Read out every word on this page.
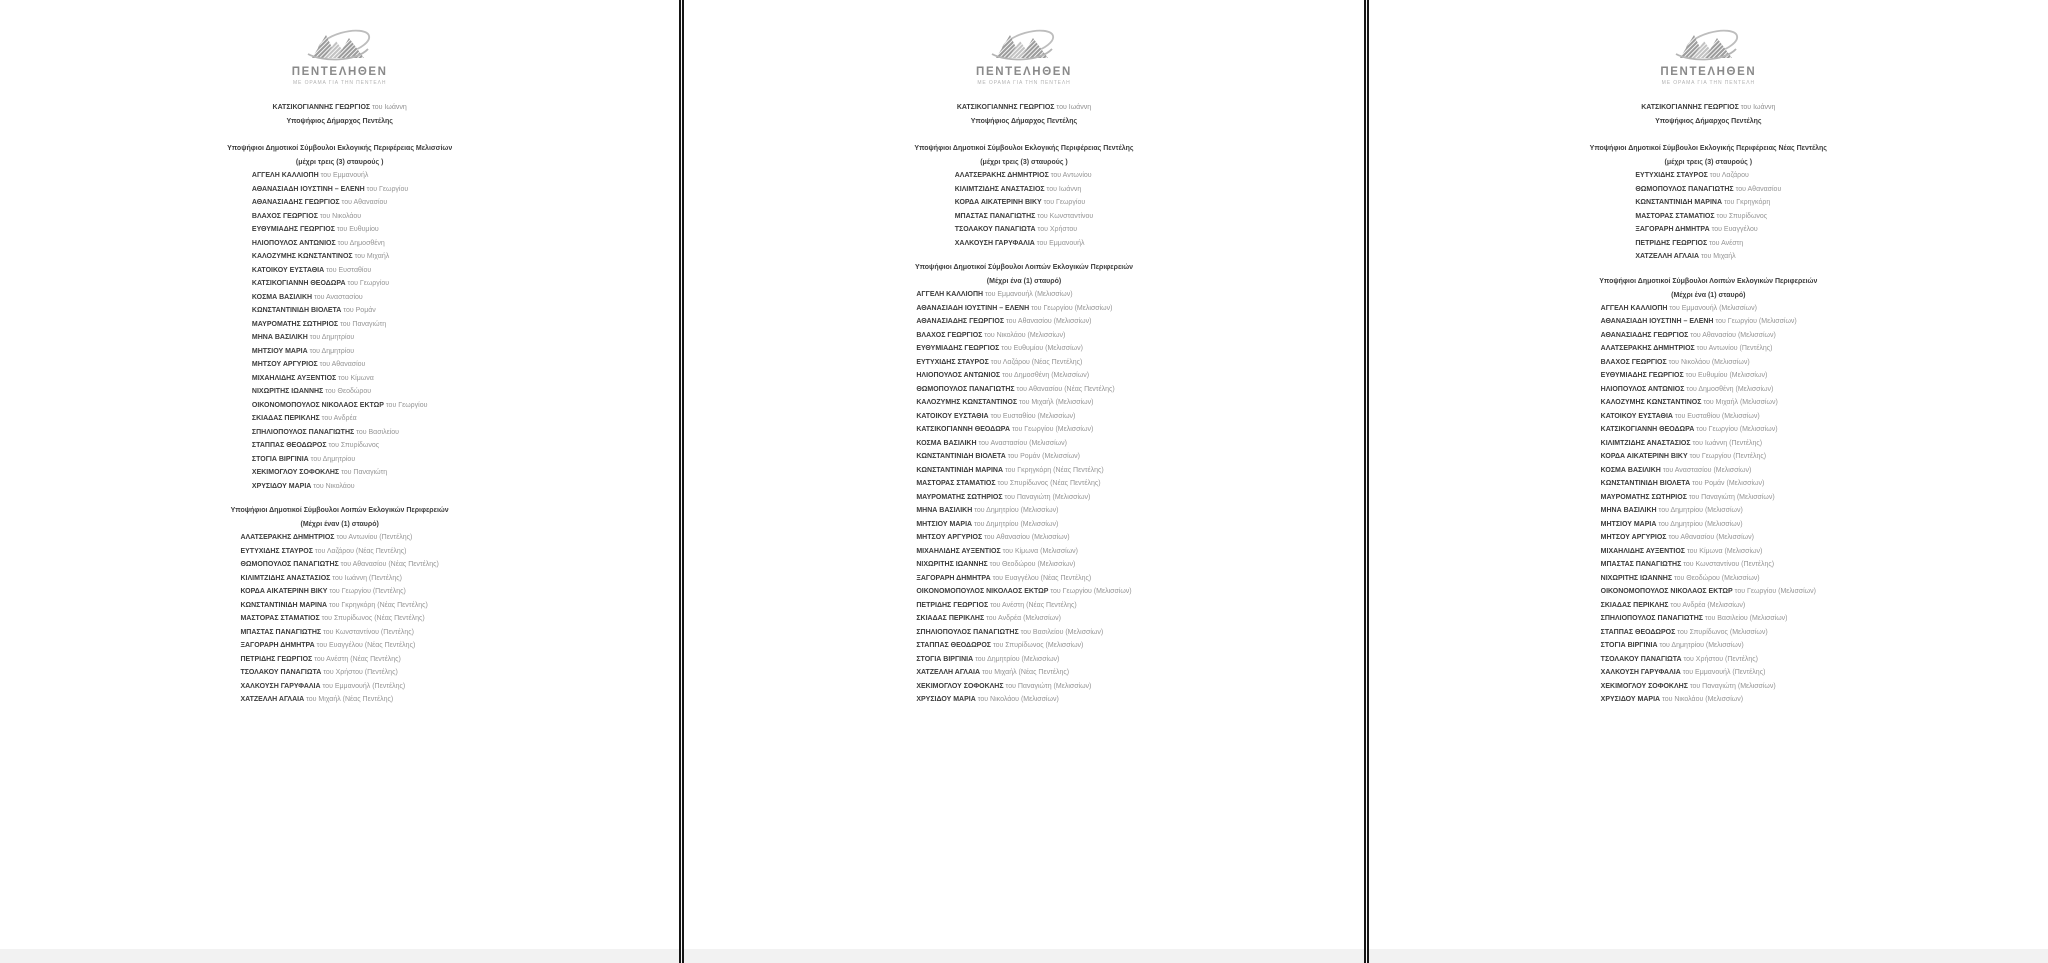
ΠΕΝΤΕΛΗΘΕΝ
ΜΕ ΟΡΑΜΑ ΓΙΑ ΤΗΝ ΠΕΝΤΕΛΗ
ΚΑΤΣΙΚΟΓΙΑΝΝΗΣ ΓΕΩΡΓΙΟΣ του Ιωάννη
Υποψήφιος Δήμαρχος Πεντέλης
Υποψήφιοι Δημοτικοί Σύμβουλοι Εκλογικής Περιφέρειας Μελισσίων
(μέχρι τρεις (3) σταυρούς )
ΑΓΓΕΛΗ ΚΑΛΛΙΟΠΗ του Εμμανουήλ
ΑΘΑΝΑΣΙΑΔΗ ΙΟΥΣΤΙΝΗ – ΕΛΕΝΗ του Γεωργίου
ΑΘΑΝΑΣΙΑΔΗΣ ΓΕΩΡΓΙΟΣ του Αθανασίου
ΒΛΑΧΟΣ ΓΕΩΡΓΙΟΣ του Νικολάου
ΕΥΘΥΜΙΑΔΗΣ ΓΕΩΡΓΙΟΣ του Ευθυμίου
ΗΛΙΟΠΟΥΛΟΣ ΑΝΤΩΝΙΟΣ του Δημοσθένη
ΚΑΛΟΖΥΜΗΣ ΚΩΝΣΤΑΝΤΙΝΟΣ του Μιχαήλ
ΚΑΤΟΙΚΟΥ ΕΥΣΤΑΘΙΑ του Ευσταθίου
ΚΑΤΣΙΚΟΓΙΑΝΝΗ ΘΕΟΔΩΡΑ του Γεωργίου
ΚΟΣΜΑ ΒΑΣΙΛΙΚΗ του Αναστασίου
ΚΩΝΣΤΑΝΤΙΝΙΔΗ ΒΙΟΛΕΤΑ του Ρομάν
ΜΑΥΡΟΜΑΤΗΣ ΣΩΤΗΡΙΟΣ του Παναγιώτη
ΜΗΝΑ ΒΑΣΙΛΙΚΗ του Δημητρίου
ΜΗΤΣΙΟΥ ΜΑΡΙΑ του Δημητρίου
ΜΗΤΣΟΥ ΑΡΓΥΡΙΟΣ του Αθανασίου
ΜΙΧΑΗΛΙΔΗΣ ΑΥΞΕΝΤΙΟΣ του Κίμωνα
ΝΙΧΩΡΙΤΗΣ ΙΩΑΝΝΗΣ του Θεοδώρου
ΟΙΚΟΝΟΜΟΠΟΥΛΟΣ ΝΙΚΟΛΑΟΣ ΕΚΤΩΡ του Γεωργίου
ΣΚΙΑΔΑΣ ΠΕΡΙΚΛΗΣ του Ανδρέα
ΣΠΗΛΙΟΠΟΥΛΟΣ ΠΑΝΑΓΙΩΤΗΣ του Βασιλείου
ΣΤΑΠΠΑΣ ΘΕΟΔΩΡΟΣ του Σπυρίδωνος
ΣΤΟΓΙΑ ΒΙΡΓΙΝΙΑ του Δημητρίου
ΧΕΚΙΜΟΓΛΟΥ ΣΟΦΟΚΛΗΣ του Παναγιώτη
ΧΡΥΣΙΔΟΥ ΜΑΡΙΑ του Νικολάου
Υποψήφιοι Δημοτικοί Σύμβουλοι Λοιπών Εκλογικών Περιφερειών
(Μέχρι έναν (1) σταυρό)
ΑΛΑΤΣΕΡΑΚΗΣ ΔΗΜΗΤΡΙΟΣ του Αντωνίου (Πεντέλης)
ΕΥΤΥΧΙΔΗΣ ΣΤΑΥΡΟΣ του Λαζάρου (Νέας Πεντέλης)
ΘΩΜΟΠΟΥΛΟΣ ΠΑΝΑΓΙΩΤΗΣ του Αθανασίου (Νέας Πεντέλης)
ΚΙΛΙΜΤΖΙΔΗΣ ΑΝΑΣΤΑΣΙΟΣ του Ιωάννη (Πεντέλης)
ΚΟΡΔΑ ΑΙΚΑΤΕΡΙΝΗ ΒΙΚΥ του Γεωργίου (Πεντέλης)
ΚΩΝΣΤΑΝΤΙΝΙΔΗ ΜΑΡΙΝΑ του Γκρηγκόρη (Νέας Πεντέλης)
ΜΑΣΤΟΡΑΣ ΣΤΑΜΑΤΙΟΣ του Σπυρίδωνος (Νέας Πεντέλης)
ΜΠΑΣΤΑΣ ΠΑΝΑΓΙΩΤΗΣ του Κωνσταντίνου (Πεντέλης)
ΞΑΓΟΡΑΡΗ ΔΗΜΗΤΡΑ του Ευαγγέλου (Νέας Πεντέλης)
ΠΕΤΡΙΔΗΣ ΓΕΩΡΓΙΟΣ του Ανέστη (Νέας Πεντέλης)
ΤΣΟΛΑΚΟΥ ΠΑΝΑΓΙΩΤΑ του Χρήστου (Πεντέλης)
ΧΑΛΚΟΥΣΗ ΓΑΡΥΦΑΛΙΑ του Εμμανουήλ (Πεντέλης)
ΧΑΤΖΕΛΛΗ ΑΓΛΑΙΑ του Μιχαήλ (Νέας Πεντέλης)
ΠΕΝΤΕΛΗΘΕΝ
ΜΕ ΟΡΑΜΑ ΓΙΑ ΤΗΝ ΠΕΝΤΕΛΗ
ΚΑΤΣΙΚΟΓΙΑΝΝΗΣ ΓΕΩΡΓΙΟΣ του Ιωάννη
Υποψήφιος Δήμαρχος Πεντέλης
Υποψήφιοι Δημοτικοί Σύμβουλοι Εκλογικής Περιφέρειας Πεντέλης
(μέχρι τρεις (3) σταυρούς )
ΑΛΑΤΣΕΡΑΚΗΣ ΔΗΜΗΤΡΙΟΣ του Αντωνίου
ΚΙΛΙΜΤΖΙΔΗΣ ΑΝΑΣΤΑΣΙΟΣ του Ιωάννη
ΚΟΡΔΑ ΑΙΚΑΤΕΡΙΝΗ ΒΙΚΥ του Γεωργίου
ΜΠΑΣΤΑΣ ΠΑΝΑΓΙΩΤΗΣ του Κωνσταντίνου
ΤΣΟΛΑΚΟΥ ΠΑΝΑΓΙΩΤΑ του Χρήστου
ΧΑΛΚΟΥΣΗ ΓΑΡΥΦΑΛΙΑ του Εμμανουήλ
Υποψήφιοι Δημοτικοί Σύμβουλοι Λοιπών Εκλογικών Περιφερειών
(Μέχρι ένα (1) σταυρό)
ΑΓΓΕΛΗ ΚΑΛΛΙΟΠΗ του Εμμανουήλ (Μελισσίων)
ΑΘΑΝΑΣΙΑΔΗ ΙΟΥΣΤΙΝΗ – ΕΛΕΝΗ του Γεωργίου (Μελισσίων)
ΑΘΑΝΑΣΙΑΔΗΣ ΓΕΩΡΓΙΟΣ του Αθανασίου (Μελισσίων)
ΒΛΑΧΟΣ ΓΕΩΡΓΙΟΣ του Νικολάου (Μελισσίων)
ΕΥΘΥΜΙΑΔΗΣ ΓΕΩΡΓΙΟΣ του Ευθυμίου (Μελισσίων)
ΕΥΤΥΧΙΔΗΣ ΣΤΑΥΡΟΣ του Λαζάρου (Νέας Πεντέλης)
ΗΛΙΟΠΟΥΛΟΣ ΑΝΤΩΝΙΟΣ του Δημοσθένη (Μελισσίων)
ΘΩΜΟΠΟΥΛΟΣ ΠΑΝΑΓΙΩΤΗΣ του Αθανασίου (Νέας Πεντέλης)
ΚΑΛΟΖΥΜΗΣ ΚΩΝΣΤΑΝΤΙΝΟΣ του Μιχαήλ (Μελισσίων)
ΚΑΤΟΙΚΟΥ ΕΥΣΤΑΘΙΑ του Ευσταθίου (Μελισσίων)
ΚΑΤΣΙΚΟΓΙΑΝΝΗ ΘΕΟΔΩΡΑ του Γεωργίου (Μελισσίων)
ΚΟΣΜΑ ΒΑΣΙΛΙΚΗ του Αναστασίου (Μελισσίων)
ΚΩΝΣΤΑΝΤΙΝΙΔΗ ΒΙΟΛΕΤΑ του Ρομάν (Μελισσίων)
ΚΩΝΣΤΑΝΤΙΝΙΔΗ ΜΑΡΙΝΑ του Γκρηγκόρη (Νέας Πεντέλης)
ΜΑΣΤΟΡΑΣ ΣΤΑΜΑΤΙΟΣ του Σπυρίδωνος (Νέας Πεντέλης)
ΜΑΥΡΟΜΑΤΗΣ ΣΩΤΗΡΙΟΣ του Παναγιώτη (Μελισσίων)
ΜΗΝΑ ΒΑΣΙΛΙΚΗ του Δημητρίου (Μελισσίων)
ΜΗΤΣΙΟΥ ΜΑΡΙΑ του Δημητρίου (Μελισσίων)
ΜΗΤΣΟΥ ΑΡΓΥΡΙΟΣ του Αθανασίου (Μελισσίων)
ΜΙΧΑΗΛΙΔΗΣ ΑΥΞΕΝΤΙΟΣ του Κίμωνα (Μελισσίων)
ΝΙΧΩΡΙΤΗΣ ΙΩΑΝΝΗΣ του Θεοδώρου (Μελισσίων)
ΞΑΓΟΡΑΡΗ ΔΗΜΗΤΡΑ του Ευαγγέλου (Νέας Πεντέλης)
ΟΙΚΟΝΟΜΟΠΟΥΛΟΣ ΝΙΚΟΛΑΟΣ ΕΚΤΩΡ του Γεωργίου (Μελισσίων)
ΠΕΤΡΙΔΗΣ ΓΕΩΡΓΙΟΣ του Ανέστη (Νέας Πεντέλης)
ΣΚΙΑΔΑΣ ΠΕΡΙΚΛΗΣ του Ανδρέα (Μελισσίων)
ΣΠΗΛΙΟΠΟΥΛΟΣ ΠΑΝΑΓΙΩΤΗΣ του Βασιλείου (Μελισσίων)
ΣΤΑΠΠΑΣ ΘΕΟΔΩΡΟΣ του Σπυρίδωνος (Μελισσίων)
ΣΤΟΓΙΑ ΒΙΡΓΙΝΙΑ του Δημητρίου (Μελισσίων)
ΧΑΤΖΕΛΛΗ ΑΓΛΑΙΑ του Μιχαήλ (Νέας Πεντέλης)
ΧΕΚΙΜΟΓΛΟΥ ΣΟΦΟΚΛΗΣ του Παναγιώτη (Μελισσίων)
ΧΡΥΣΙΔΟΥ ΜΑΡΙΑ του Νικολάου (Μελισσίων)
ΠΕΝΤΕΛΗΘΕΝ
ΜΕ ΟΡΑΜΑ ΓΙΑ ΤΗΝ ΠΕΝΤΕΛΗ
ΚΑΤΣΙΚΟΓΙΑΝΝΗΣ ΓΕΩΡΓΙΟΣ του Ιωάννη
Υποψήφιος Δήμαρχος Πεντέλης
Υποψήφιοι Δημοτικοί Σύμβουλοι Εκλογικής Περιφέρειας Νέας Πεντέλης
(μέχρι τρεις (3) σταυρούς )
ΕΥΤΥΧΙΔΗΣ ΣΤΑΥΡΟΣ του Λαζάρου
ΘΩΜΟΠΟΥΛΟΣ ΠΑΝΑΓΙΩΤΗΣ του Αθανασίου
ΚΩΝΣΤΑΝΤΙΝΙΔΗ ΜΑΡΙΝΑ του Γκρηγκόρη
ΜΑΣΤΟΡΑΣ ΣΤΑΜΑΤΙΟΣ του Σπυρίδωνος
ΞΑΓΟΡΑΡΗ ΔΗΜΗΤΡΑ του Ευαγγέλου
ΠΕΤΡΙΔΗΣ ΓΕΩΡΓΙΟΣ του Ανέστη
ΧΑΤΖΕΛΛΗ ΑΓΛΑΙΑ του Μιχαήλ
Υποψήφιοι Δημοτικοί Σύμβουλοι Λοιπών Εκλογικών Περιφερειών
(Μέχρι ένα (1) σταυρό)
ΑΓΓΕΛΗ ΚΑΛΛΙΟΠΗ του Εμμανουήλ (Μελισσίων)
ΑΘΑΝΑΣΙΑΔΗ ΙΟΥΣΤΙΝΗ – ΕΛΕΝΗ του Γεωργίου (Μελισσίων)
ΑΘΑΝΑΣΙΑΔΗΣ ΓΕΩΡΓΙΟΣ του Αθανασίου (Μελισσίων)
ΑΛΑΤΣΕΡΑΚΗΣ ΔΗΜΗΤΡΙΟΣ του Αντωνίου (Πεντέλης)
ΒΛΑΧΟΣ ΓΕΩΡΓΙΟΣ του Νικολάου (Μελισσίων)
ΕΥΘΥΜΙΑΔΗΣ ΓΕΩΡΓΙΟΣ του Ευθυμίου (Μελισσίων)
ΗΛΙΟΠΟΥΛΟΣ ΑΝΤΩΝΙΟΣ του Δημοσθένη (Μελισσίων)
ΚΑΛΟΖΥΜΗΣ ΚΩΝΣΤΑΝΤΙΝΟΣ του Μιχαήλ (Μελισσίων)
ΚΑΤΟΙΚΟΥ ΕΥΣΤΑΘΙΑ του Ευσταθίου (Μελισσίων)
ΚΑΤΣΙΚΟΓΙΑΝΝΗ ΘΕΟΔΩΡΑ του Γεωργίου (Μελισσίων)
ΚΙΛΙΜΤΖΙΔΗΣ ΑΝΑΣΤΑΣΙΟΣ του Ιωάννη (Πεντέλης)
ΚΟΡΔΑ ΑΙΚΑΤΕΡΙΝΗ ΒΙΚΥ του Γεωργίου (Πεντέλης)
ΚΟΣΜΑ ΒΑΣΙΛΙΚΗ του Αναστασίου (Μελισσίων)
ΚΩΝΣΤΑΝΤΙΝΙΔΗ ΒΙΟΛΕΤΑ του Ρομάν (Μελισσίων)
ΜΑΥΡΟΜΑΤΗΣ ΣΩΤΗΡΙΟΣ του Παναγιώτη (Μελισσίων)
ΜΗΝΑ ΒΑΣΙΛΙΚΗ του Δημητρίου (Μελισσίων)
ΜΗΤΣΙΟΥ ΜΑΡΙΑ του Δημητρίου (Μελισσίων)
ΜΗΤΣΟΥ ΑΡΓΥΡΙΟΣ του Αθανασίου (Μελισσίων)
ΜΙΧΑΗΛΙΔΗΣ ΑΥΞΕΝΤΙΟΣ του Κίμωνα (Μελισσίων)
ΜΠΑΣΤΑΣ ΠΑΝΑΓΙΩΤΗΣ του Κωνσταντίνου (Πεντέλης)
ΝΙΧΩΡΙΤΗΣ ΙΩΑΝΝΗΣ του Θεοδώρου (Μελισσίων)
ΟΙΚΟΝΟΜΟΠΟΥΛΟΣ ΝΙΚΟΛΑΟΣ ΕΚΤΩΡ του Γεωργίου (Μελισσίων)
ΣΚΙΑΔΑΣ ΠΕΡΙΚΛΗΣ του Ανδρέα (Μελισσίων)
ΣΠΗΛΙΟΠΟΥΛΟΣ ΠΑΝΑΓΙΩΤΗΣ του Βασιλείου (Μελισσίων)
ΣΤΑΠΠΑΣ ΘΕΟΔΩΡΟΣ του Σπυρίδωνος (Μελισσίων)
ΣΤΟΓΙΑ ΒΙΡΓΙΝΙΑ του Δημητρίου (Μελισσίων)
ΤΣΟΛΑΚΟΥ ΠΑΝΑΓΙΩΤΑ του Χρήστου (Πεντέλης)
ΧΑΛΚΟΥΣΗ ΓΑΡΥΦΑΛΙΑ του Εμμανουήλ (Πεντέλης)
ΧΕΚΙΜΟΓΛΟΥ ΣΟΦΟΚΛΗΣ του Παναγιώτη (Μελισσίων)
ΧΡΥΣΙΔΟΥ ΜΑΡΙΑ του Νικολάου (Μελισσίων)
